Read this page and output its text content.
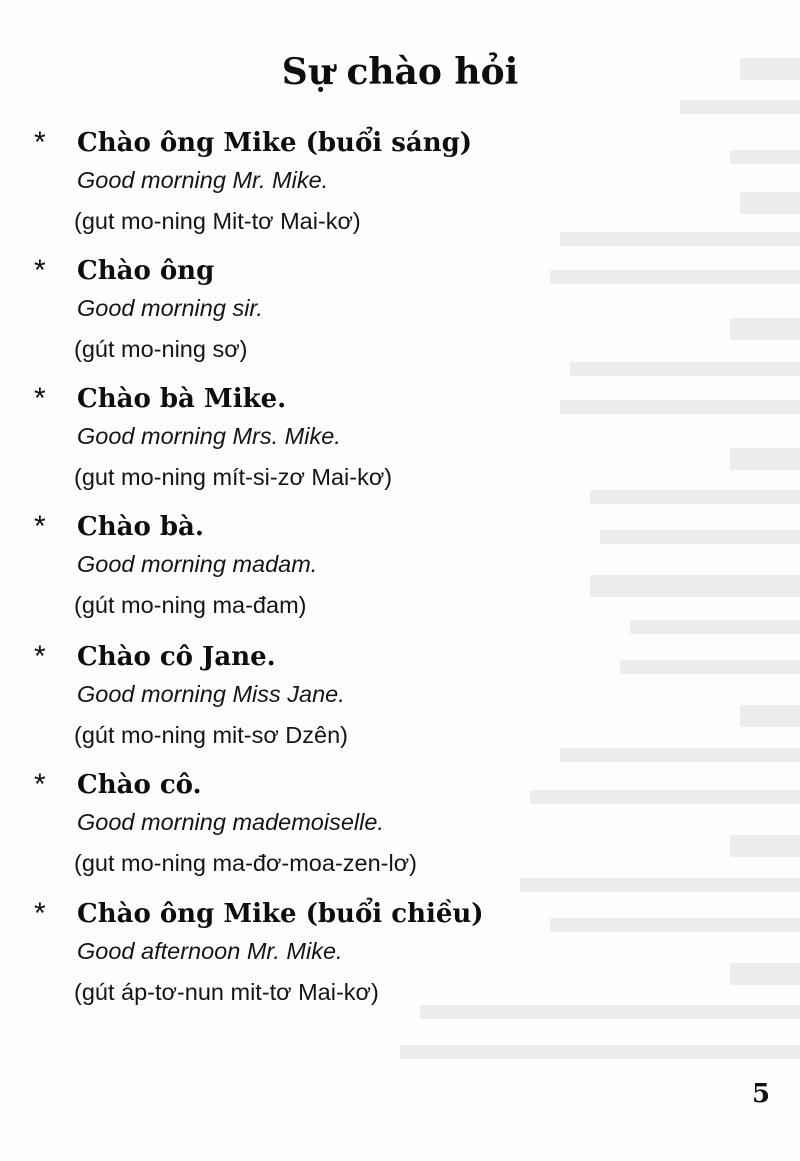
Sự chào hỏi
* Chào ông Mike (buổi sáng)
Good morning Mr. Mike.
(gut mo-ning Mit-tơ Mai-kơ)
* Chào ông
Good morning sir.
(gút mo-ning sơ)
* Chào bà Mike.
Good morning Mrs. Mike.
(gut mo-ning mít-si-zơ Mai-kơ)
* Chào bà.
Good morning madam.
(gút mo-ning ma-đam)
* Chào cô Jane.
Good morning Miss Jane.
(gút mo-ning mit-sơ Dzên)
* Chào cô.
Good morning mademoiselle.
(gut mo-ning ma-đơ-moa-zen-lơ)
* Chào ông Mike (buổi chiều)
Good afternoon Mr. Mike.
(gút áp-tơ-nun mit-tơ Mai-kơ)
5
